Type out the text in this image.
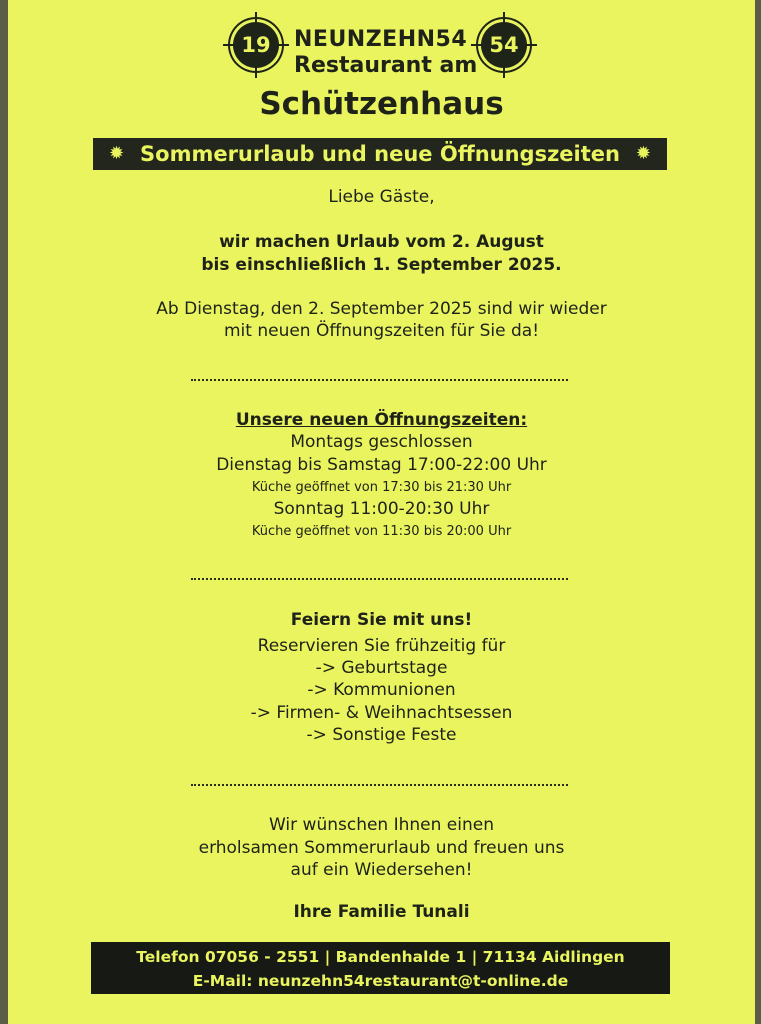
19	54
NEUNZEHN54
Restaurant am
Schützenhaus
✹ Sommerurlaub und neue Öffnungszeiten ✹
Liebe Gäste,
wir machen Urlaub vom 2. August
bis einschließlich 1. September 2025.
Ab Dienstag, den 2. September 2025 sind wir wieder
mit neuen Öffnungszeiten für Sie da!
Unsere neuen Öffnungszeiten:
Montags geschlossen
Dienstag bis Samstag 17:00-22:00 Uhr
Küche geöffnet von 17:30 bis 21:30 Uhr
Sonntag 11:00-20:30 Uhr
Küche geöffnet von 11:30 bis 20:00 Uhr
Feiern Sie mit uns!
Reservieren Sie frühzeitig für
-> Geburtstage
-> Kommunionen
-> Firmen- & Weihnachtsessen
-> Sonstige Feste
Wir wünschen Ihnen einen
erholsamen Sommerurlaub und freuen uns
auf ein Wiedersehen!
Ihre Familie Tunali
Telefon 07056 - 2551 | Bandenhalde 1 | 71134 Aidlingen
E-Mail: neunzehn54restaurant@t-online.de
